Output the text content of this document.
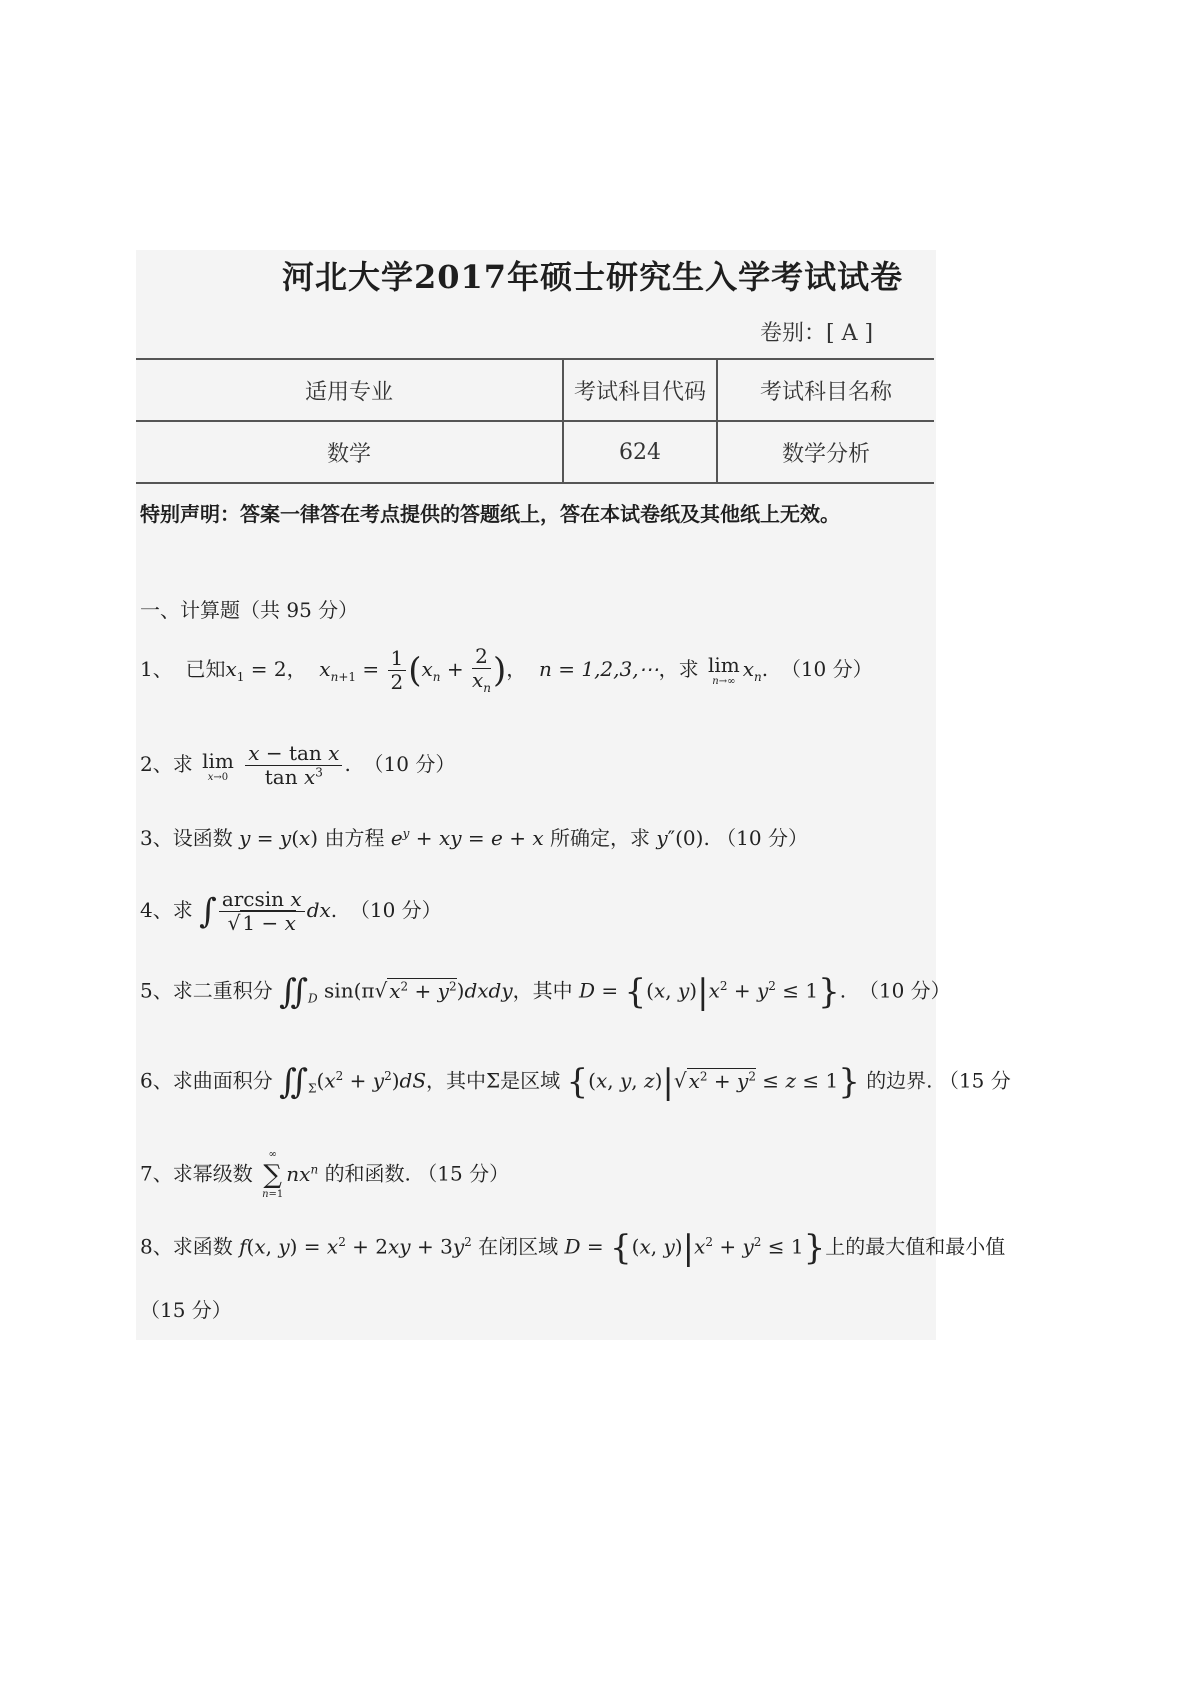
河北大学2017年硕士研究生入学考试试卷
卷别：[ A ]
适用专业	考试科目代码	考试科目名称
数学	624	数学分析
特别声明：答案一律答在考点提供的答题纸上，答在本试卷纸及其他纸上无效。
一、计算题（共 95 分）
1、 已知$x_1 = 2$， $x_{n+1} = \frac{1}{2} (x_n + \frac{2}{x_n}$ )， n = 1,2,3,⋯，求 lim
n→∞
$x_n$.  （10 分）
2、求 lim
x→0
$\frac{\text{x − tan x}}{\tan x^3}$ .  （10 分）
3、设函数 y = y(x) 由方程 $e^y$ + xy = e + x 所确定，求 y″(0). （10 分）
4、求 ∫ $\frac{\text{arcsin x}}{√ 1 - x}$ dx.  （10 分）
5、求二重积分 $∬_D$ sin(π√ $x^2$ + $y^2)dxdy$，其中 D = {(x, $y)|x^2 + y^2 \le 1$}.  （10 分）
6、求曲面积分 $∬_\Sigma(x^2 + y^2)dS$，其中Σ是区域 {(x, y, z)|√ $x^2 + y^2 \le z \le 1$} 的边界. （15 分
7、求幂级数
∞
∑
n=1
$nx^n$ 的和函数. （15 分）
8、求函数 f(x, $y) = x^2 + 2xy + 3y^2$ 在闭区域 D = {(x, $y)|x^2 + y^2 \le 1$}上的最大值和最小值
（15 分）
